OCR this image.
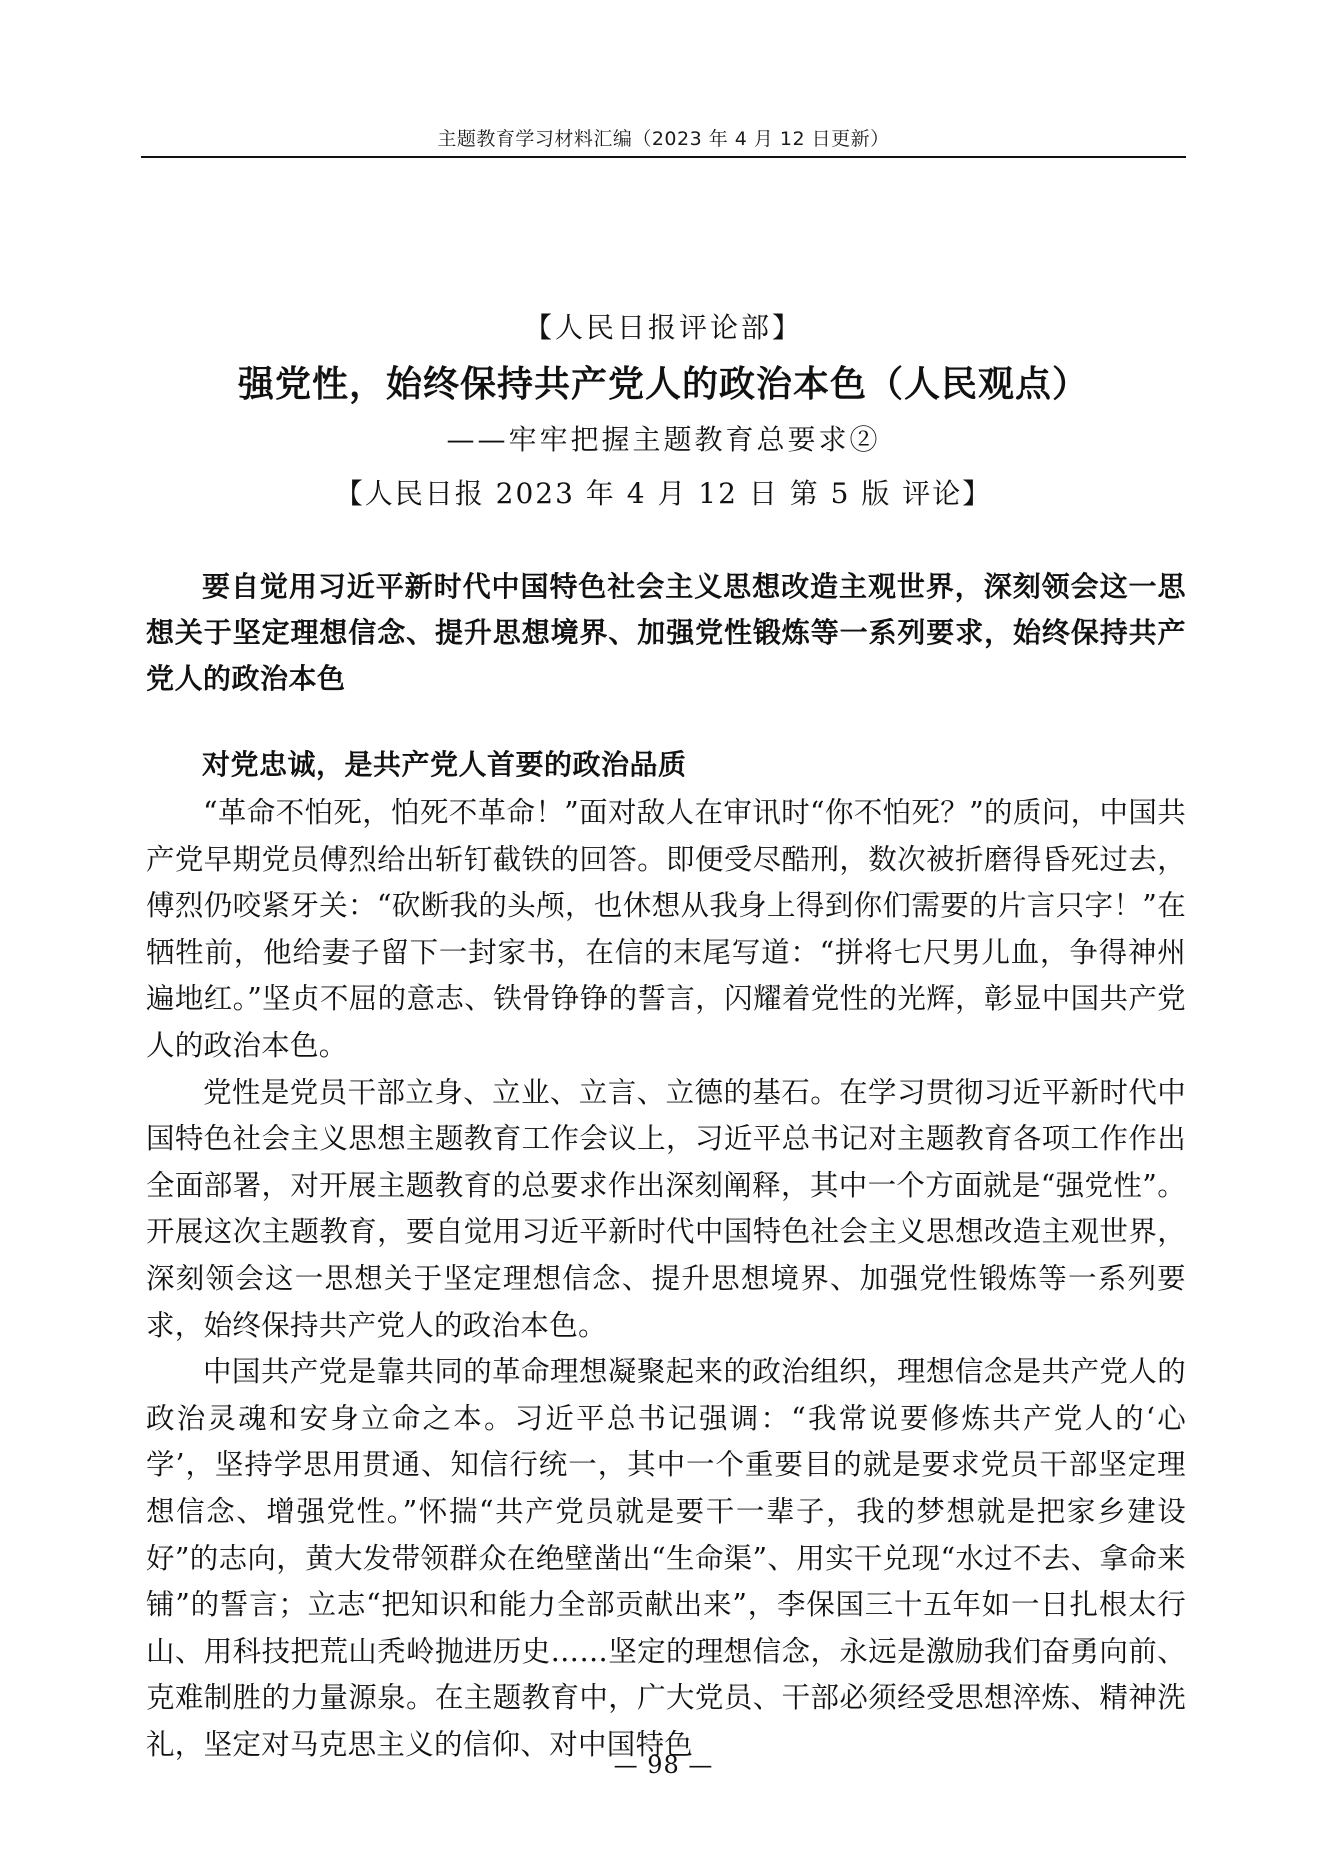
主题教育学习材料汇编（2023 年 4 月 12 日更新）
【人民日报评论部】
强党性，始终保持共产党人的政治本色（人民观点）
——牢牢把握主题教育总要求②
【人民日报 2023 年 4 月 12 日 第 5 版 评论】
要自觉用习近平新时代中国特色社会主义思想改造主观世界，深刻领会这一思想关于坚定理想信念、提升思想境界、加强党性锻炼等一系列要求，始终保持共产党人的政治本色
对党忠诚，是共产党人首要的政治品质

“革命不怕死，怕死不革命！”面对敌人在审讯时“你不怕死？”的质问，中国共产党早期党员傅烈给出斩钉截铁的回答。即便受尽酷刑，数次被折磨得昏死过去，傅烈仍咬紧牙关：“砍断我的头颅，也休想从我身上得到你们需要的片言只字！”在牺牲前，他给妻子留下一封家书，在信的末尾写道：“拼将七尺男儿血，争得神州遍地红。”坚贞不屈的意志、铁骨铮铮的誓言，闪耀着党性的光辉，彰显中国共产党人的政治本色。

党性是党员干部立身、立业、立言、立德的基石。在学习贯彻习近平新时代中国特色社会主义思想主题教育工作会议上，习近平总书记对主题教育各项工作作出全面部署，对开展主题教育的总要求作出深刻阐释，其中一个方面就是“强党性”。开展这次主题教育，要自觉用习近平新时代中国特色社会主义思想改造主观世界，深刻领会这一思想关于坚定理想信念、提升思想境界、加强党性锻炼等一系列要求，始终保持共产党人的政治本色。

中国共产党是靠共同的革命理想凝聚起来的政治组织，理想信念是共产党人的政治灵魂和安身立命之本。习近平总书记强调：“我常说要修炼共产党人的‘心学’，坚持学思用贯通、知信行统一，其中一个重要目的就是要求党员干部坚定理想信念、增强党性。”怀揣“共产党员就是要干一辈子，我的梦想就是把家乡建设好”的志向，黄大发带领群众在绝壁凿出“生命渠”、用实干兑现“水过不去、拿命来铺”的誓言；立志“把知识和能力全部贡献出来”，李保国三十五年如一日扎根太行山、用科技把荒山秃岭抛进历史……坚定的理想信念，永远是激励我们奋勇向前、克难制胜的力量源泉。在主题教育中，广大党员、干部必须经受思想淬炼、精神洗礼，坚定对马克思主义的信仰、对中国特色

— 98 —
